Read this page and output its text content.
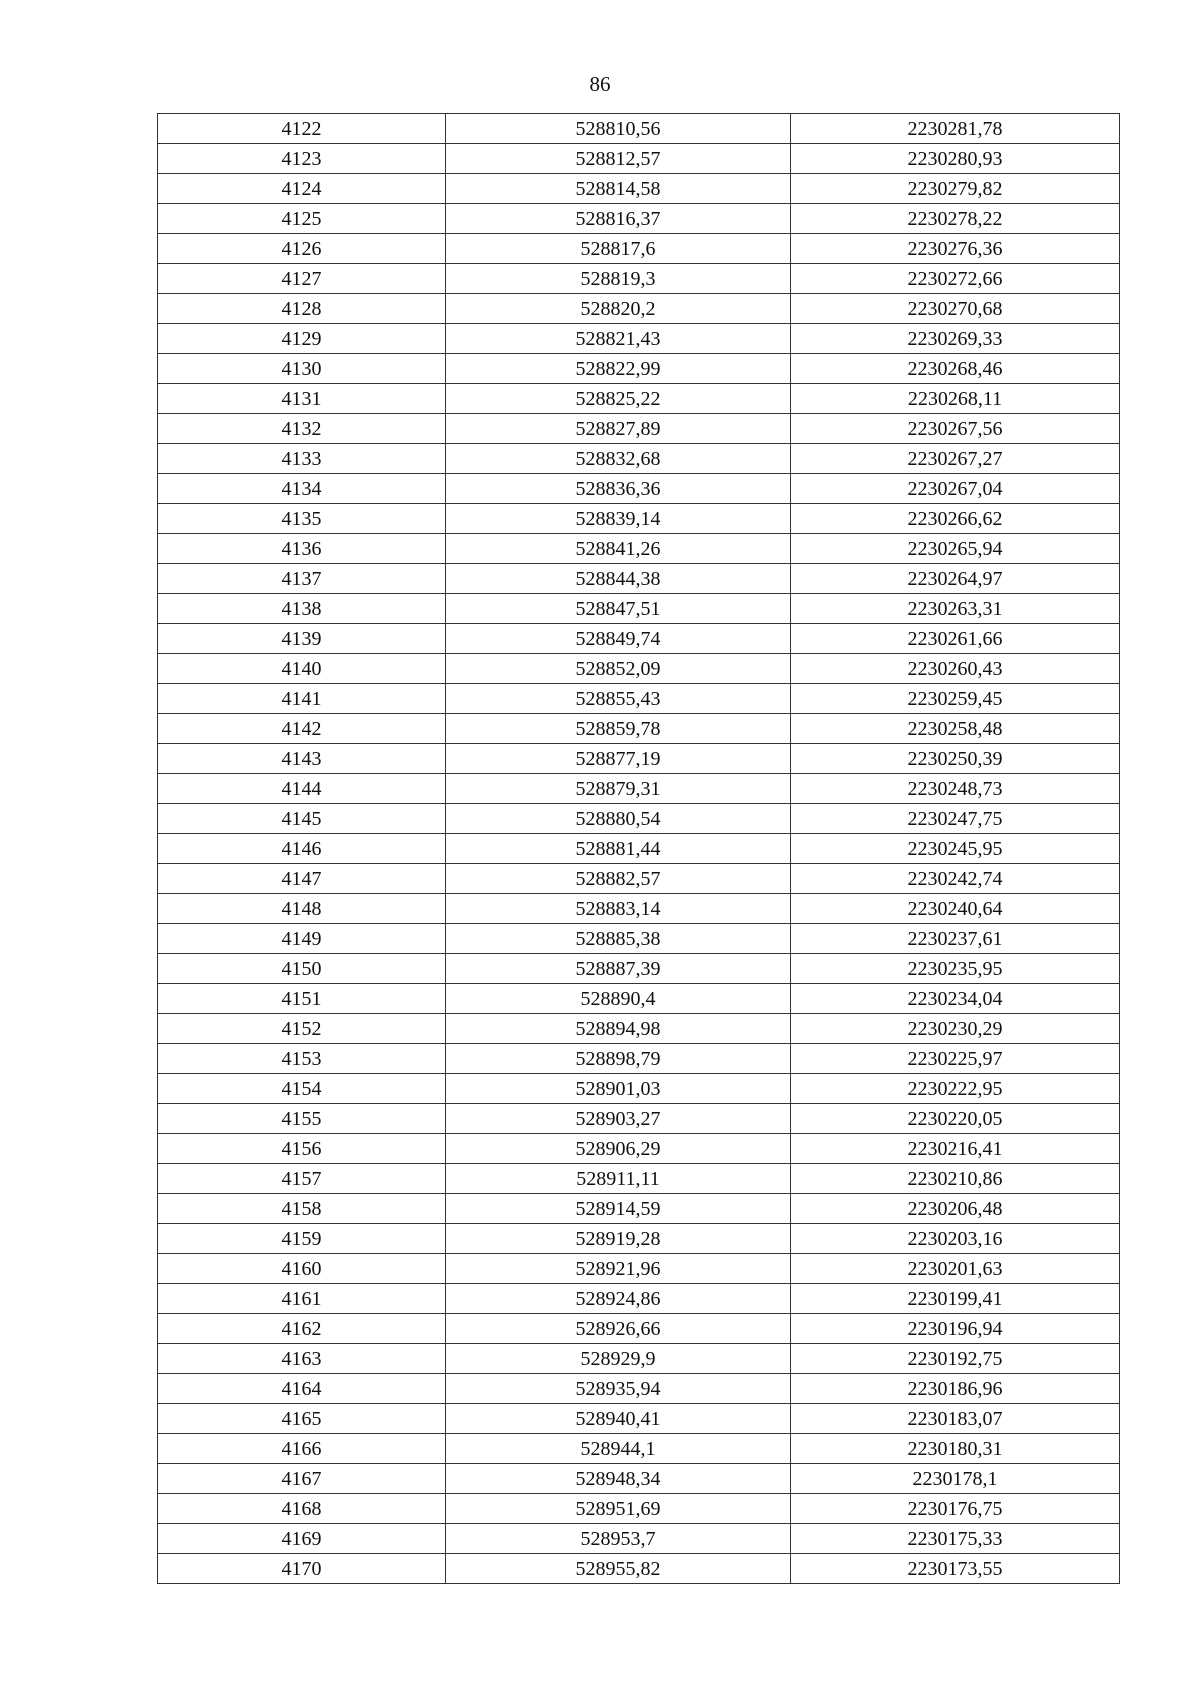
86
4122	528810,56	2230281,78
4123	528812,57	2230280,93
4124	528814,58	2230279,82
4125	528816,37	2230278,22
4126	528817,6	2230276,36
4127	528819,3	2230272,66
4128	528820,2	2230270,68
4129	528821,43	2230269,33
4130	528822,99	2230268,46
4131	528825,22	2230268,11
4132	528827,89	2230267,56
4133	528832,68	2230267,27
4134	528836,36	2230267,04
4135	528839,14	2230266,62
4136	528841,26	2230265,94
4137	528844,38	2230264,97
4138	528847,51	2230263,31
4139	528849,74	2230261,66
4140	528852,09	2230260,43
4141	528855,43	2230259,45
4142	528859,78	2230258,48
4143	528877,19	2230250,39
4144	528879,31	2230248,73
4145	528880,54	2230247,75
4146	528881,44	2230245,95
4147	528882,57	2230242,74
4148	528883,14	2230240,64
4149	528885,38	2230237,61
4150	528887,39	2230235,95
4151	528890,4	2230234,04
4152	528894,98	2230230,29
4153	528898,79	2230225,97
4154	528901,03	2230222,95
4155	528903,27	2230220,05
4156	528906,29	2230216,41
4157	528911,11	2230210,86
4158	528914,59	2230206,48
4159	528919,28	2230203,16
4160	528921,96	2230201,63
4161	528924,86	2230199,41
4162	528926,66	2230196,94
4163	528929,9	2230192,75
4164	528935,94	2230186,96
4165	528940,41	2230183,07
4166	528944,1	2230180,31
4167	528948,34	2230178,1
4168	528951,69	2230176,75
4169	528953,7	2230175,33
4170	528955,82	2230173,55
